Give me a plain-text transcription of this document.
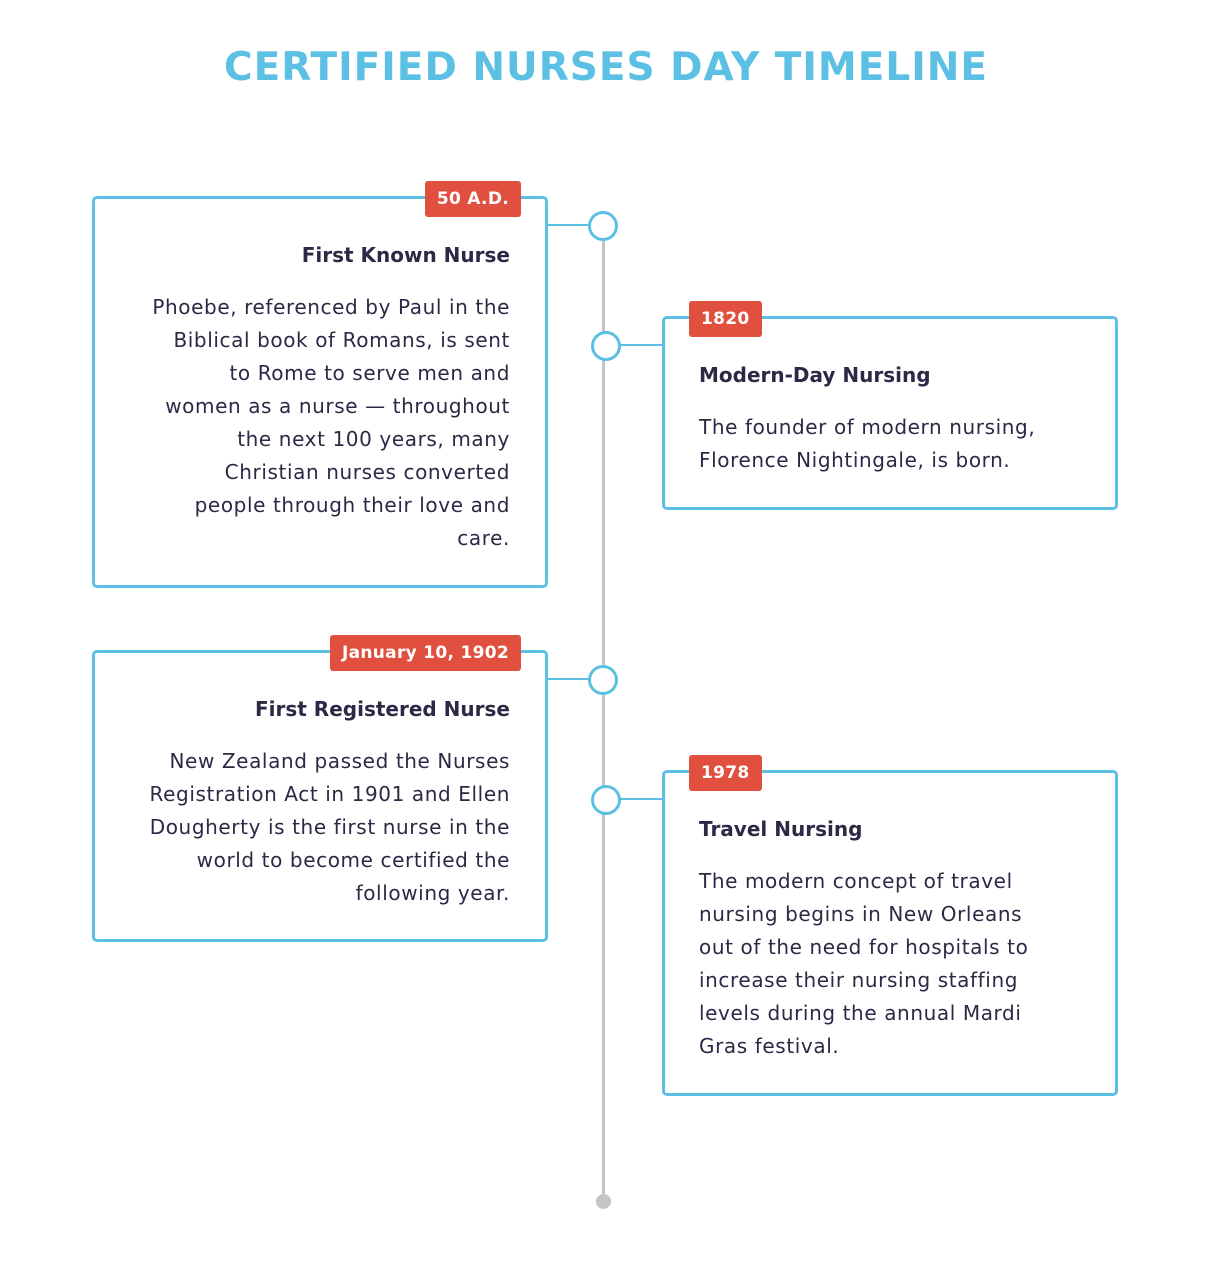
CERTIFIED NURSES DAY TIMELINE
50 A.D.
First Known Nurse

Phoebe, referenced by Paul in the
Biblical book of Romans, is sent
to Rome to serve men and
women as a nurse — throughout
the next 100 years, many
Christian nurses converted
people through their love and
care.

1820
Modern-Day Nursing

The founder of modern nursing,
Florence Nightingale, is born.

January 10, 1902
First Registered Nurse

New Zealand passed the Nurses
Registration Act in 1901 and Ellen
Dougherty is the first nurse in the
world to become certified the
following year.

1978
Travel Nursing

The modern concept of travel
nursing begins in New Orleans
out of the need for hospitals to
increase their nursing staffing
levels during the annual Mardi
Gras festival.
